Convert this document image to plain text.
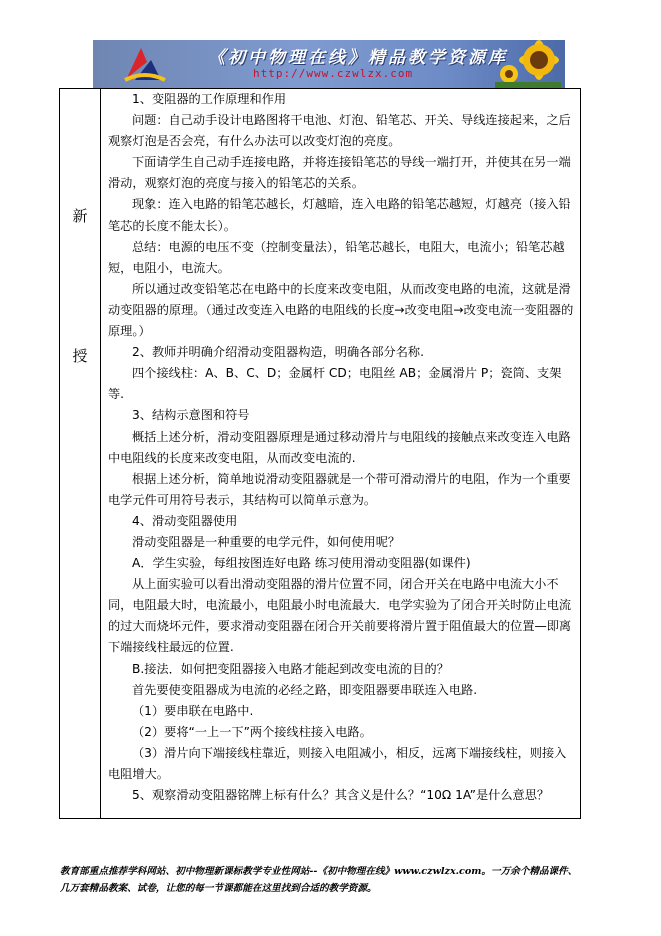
《初中物理在线》精品教学资源库
http://www.czwlzx.com
新
授

1、变阻器的工作原理和作用

问题：自己动手设计电路图将干电池、灯泡、铅笔芯、开关、导线连接起来，之后观察灯泡是否会亮，有什么办法可以改变灯泡的亮度。

下面请学生自己动手连接电路，并将连接铅笔芯的导线一端打开，并使其在另一端滑动，观察灯泡的亮度与接入的铅笔芯的关系。

现象：连入电路的铅笔芯越长，灯越暗，连入电路的铅笔芯越短，灯越亮（接入铅笔芯的长度不能太长）。

总结：电源的电压不变（控制变量法），铅笔芯越长，电阻大，电流小；铅笔芯越短，电阻小，电流大。

所以通过改变铅笔芯在电路中的长度来改变电阻，从而改变电路的电流，这就是滑动变阻器的原理。（通过改变连入电路的电阻线的长度→改变电阻→改变电流一变阻器的原理。）

2、教师并明确介绍滑动变阻器构造，明确各部分名称.

四个接线柱：A、B、C、D；金属杆 CD；电阻丝 AB；金属滑片 P；瓷筒、支架等.

3、结构示意图和符号

概括上述分析，滑动变阻器原理是通过移动滑片与电阻线的接触点来改变连入电路中电阻线的长度来改变电阻，从而改变电流的.

根据上述分析，简单地说滑动变阻器就是一个带可滑动滑片的电阻，作为一个重要电学元件可用符号表示，其结构可以简单示意为。

4、滑动变阻器使用

滑动变阻器是一种重要的电学元件，如何使用呢？

A．学生实验，每组按图连好电路 练习使用滑动变阻器(如课件)

从上面实验可以看出滑动变阻器的滑片位置不同，闭合开关在电路中电流大小不同，电阻最大时，电流最小，电阻最小时电流最大．电学实验为了闭合开关时防止电流的过大而烧坏元件，要求滑动变阻器在闭合开关前要将滑片置于阻值最大的位置—即离下端接线柱最远的位置.

B.接法．如何把变阻器接入电路才能起到改变电流的目的？

首先要使变阻器成为电流的必经之路，即变阻器要串联连入电路.

（1）要串联在电路中.

（2）要将“一上一下”两个接线柱接入电路。

（3）滑片向下端接线柱靠近，则接入电阻减小，相反，远离下端接线柱，则接入电阻增大。

5、观察滑动变阻器铭牌上标有什么？其含义是什么？“10Ω 1A”是什么意思？

教育部重点推荐学科网站、初中物理新课标教学专业性网站--《初中物理在线》www.czwlzx.com。一万余个精品课件、
几万套精品教案、试卷，让您的每一节课都能在这里找到合适的教学资源。
